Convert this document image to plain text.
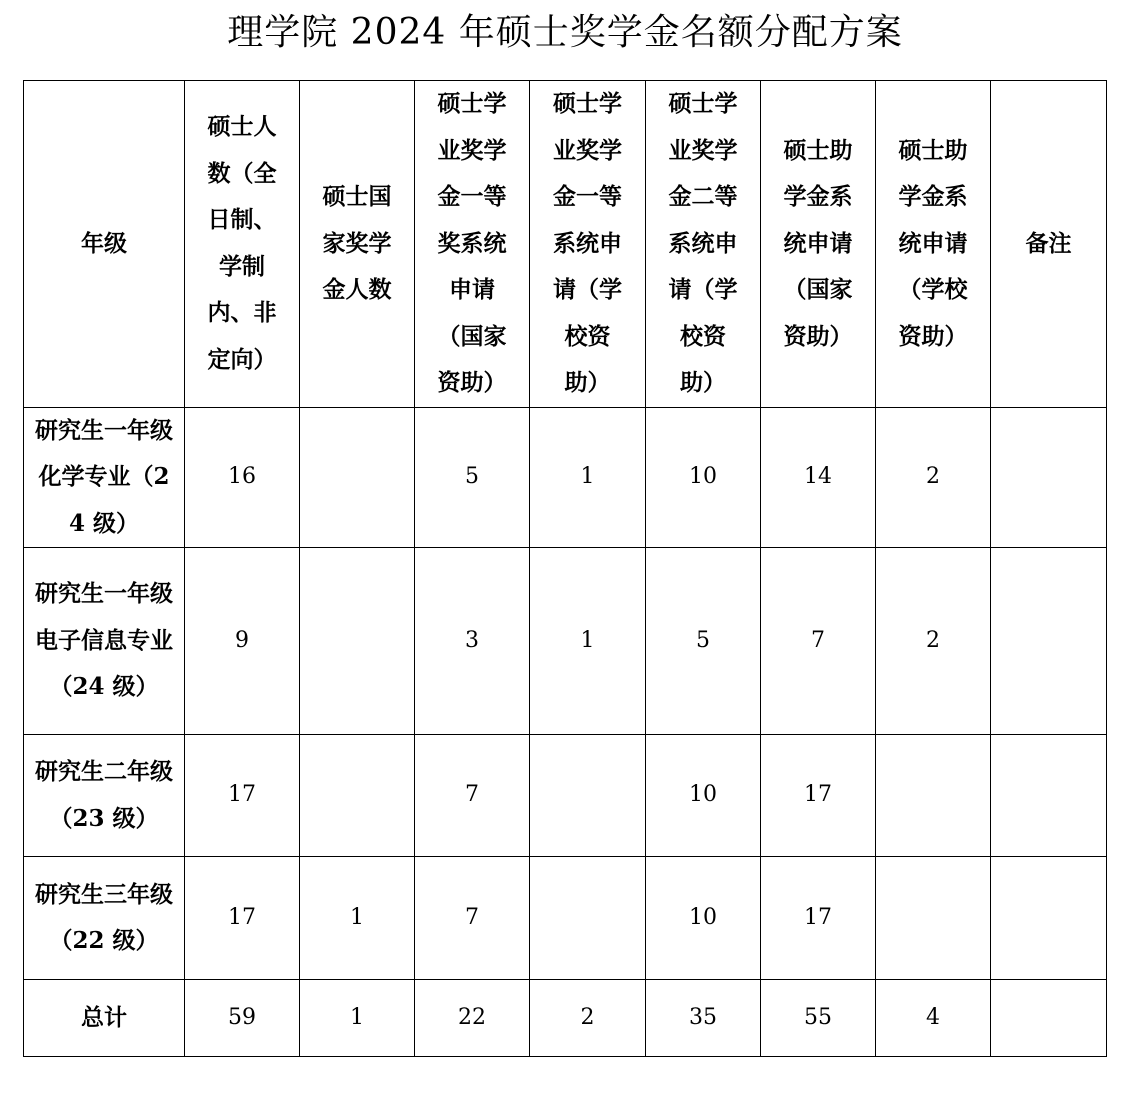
理学院 2024 年硕士奖学金名额分配方案
年级	硕士人数（全日制、学制内、非定向）	硕士国家奖学金人数	硕士学业奖学金一等奖系统申请（国家资助）	硕士学业奖学金一等系统申请（学校资助）	硕士学业奖学金二等系统申请（学校资助）	硕士助学金系统申请（国家资助）	硕士助学金系统申请（学校资助）	备注

研究生一年级化学专业（24 级）	16		5	1	10	14	2	

研究生一年级电子信息专业（24 级）	9		3	1	5	7	2	

研究生二年级（23 级）	17		7		10	17		

研究生三年级（22 级）	17	1	7		10	17		
总计	59	1	22	2	35	55	4	
